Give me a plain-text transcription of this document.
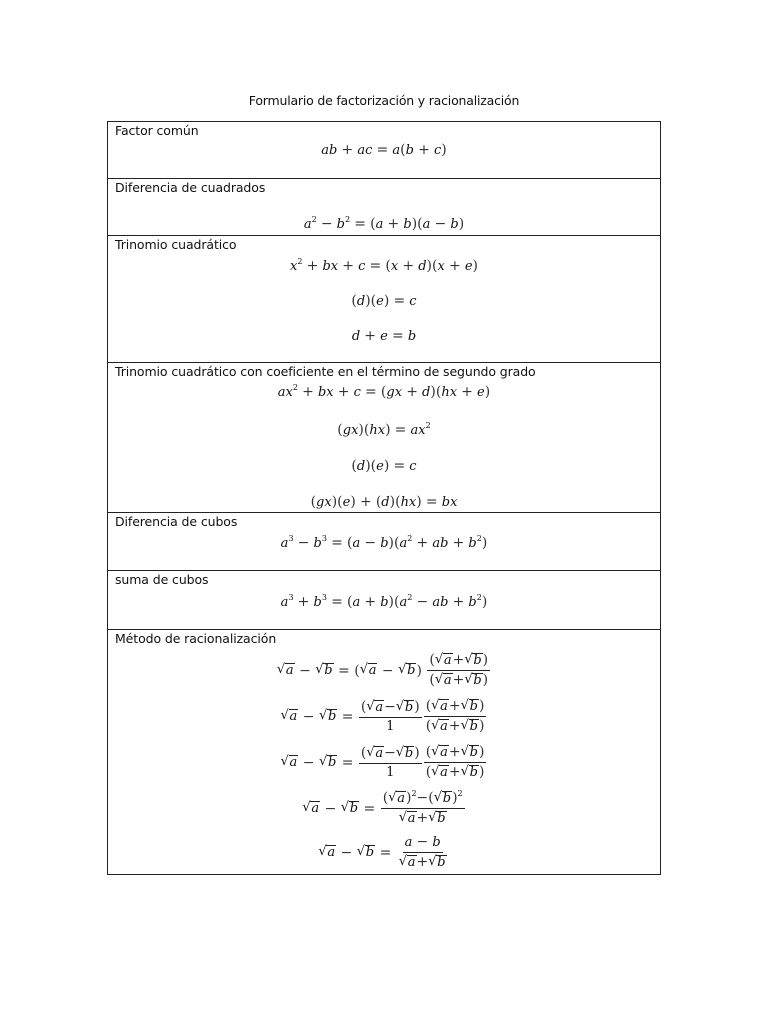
Formulario de factorización y racionalización
Factor común
ab + ac = a(b + c)
Diferencia de cuadrados
$a^2 - b^2 = (a + b)(a - b)$
Trinomio cuadrático
$x^2$ + bx + c = (x + d)(x + e)
(d)(e) = c
d + e = b
Trinomio cuadrático con coeficiente en el término de segundo grado
$ax^2$ + bx + c = (gx + d)(hx + e)
$(gx)(hx) = ax^2$
(d)(e) = c
(gx)(e) + (d)(hx) = bx
Diferencia de cubos
$a^3 - b^3 = (a - b)(a^2$ + ab + $b^2$)
suma de cubos
$a^3 + b^3 = (a + b)(a^2$ − ab + $b^2$)
Método de racionalización
√ a − √ b = ( √ a − √ b ) $\frac{( √ a+ √ b)}{( √ a+ √ b)}$
√ a − √ $b = \frac{( √ a- √ b)}{1} \frac{( √ a+ √ b)}{( √ a+ √ b)}$
√ a − √ $b = \frac{( √ a- √ b)}{1} \frac{( √ a+ √ b)}{( √ a+ √ b)}$
√ a − √ b = ( √ a)$^2$−( √ b)$^2$
√ a+ √ b
√ a − √ b = a − b
√ a+ √ b
